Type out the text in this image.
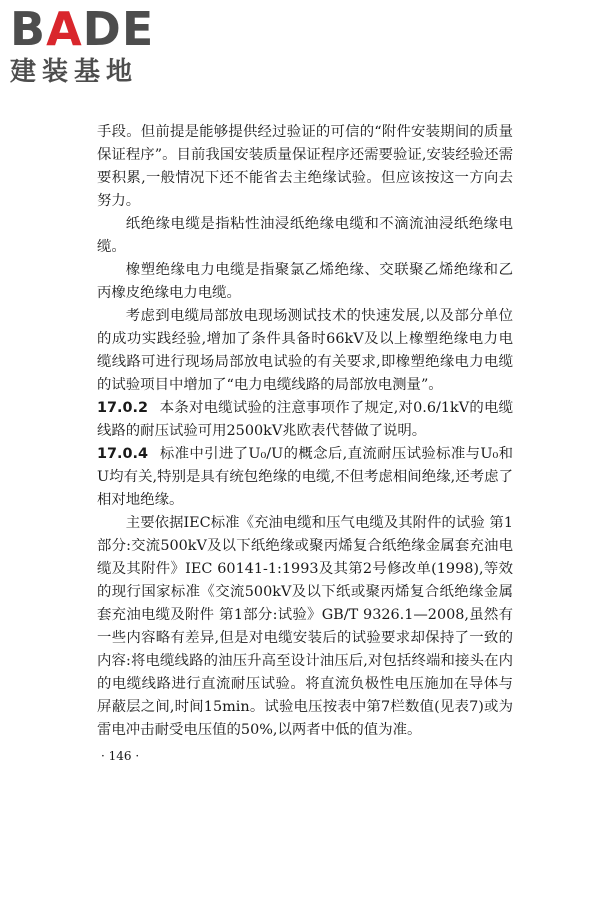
BADE
建装基地

手段。但前提是能够提供经过验证的可信的“附件安装期间的质量保证程序”。目前我国安装质量保证程序还需要验证,安装经验还需要积累,一般情况下还不能省去主绝缘试验。但应该按这一方向去努力。

纸绝缘电缆是指粘性油浸纸绝缘电缆和不滴流油浸纸绝缘电缆。

橡塑绝缘电力电缆是指聚氯乙烯绝缘、交联聚乙烯绝缘和乙丙橡皮绝缘电力电缆。

考虑到电缆局部放电现场测试技术的快速发展,以及部分单位的成功实践经验,增加了条件具备时66kV及以上橡塑绝缘电力电缆线路可进行现场局部放电试验的有关要求,即橡塑绝缘电力电缆的试验项目中增加了“电力电缆线路的局部放电测量”。

17.0.2 本条对电缆试验的注意事项作了规定,对0.6/1kV的电缆线路的耐压试验可用2500kV兆欧表代替做了说明。

17.0.4 标准中引进了U₀/U的概念后,直流耐压试验标准与U₀和U均有关,特别是具有统包绝缘的电缆,不但考虑相间绝缘,还考虑了相对地绝缘。

主要依据IEC标准《充油电缆和压气电缆及其附件的试验 第1部分:交流500kV及以下纸绝缘或聚丙烯复合纸绝缘金属套充油电缆及其附件》IEC 60141-1:1993及其第2号修改单(1998),等效的现行国家标准《交流500kV及以下纸或聚丙烯复合纸绝缘金属套充油电缆及附件 第1部分:试验》GB/T 9326.1—2008,虽然有一些内容略有差异,但是对电缆安装后的试验要求却保持了一致的内容:将电缆线路的油压升高至设计油压后,对包括终端和接头在内的电缆线路进行直流耐压试验。将直流负极性电压施加在导体与屏蔽层之间,时间15min。试验电压按表中第7栏数值(见表7)或为雷电冲击耐受电压值的50%,以两者中低的值为准。

· 146 ·
